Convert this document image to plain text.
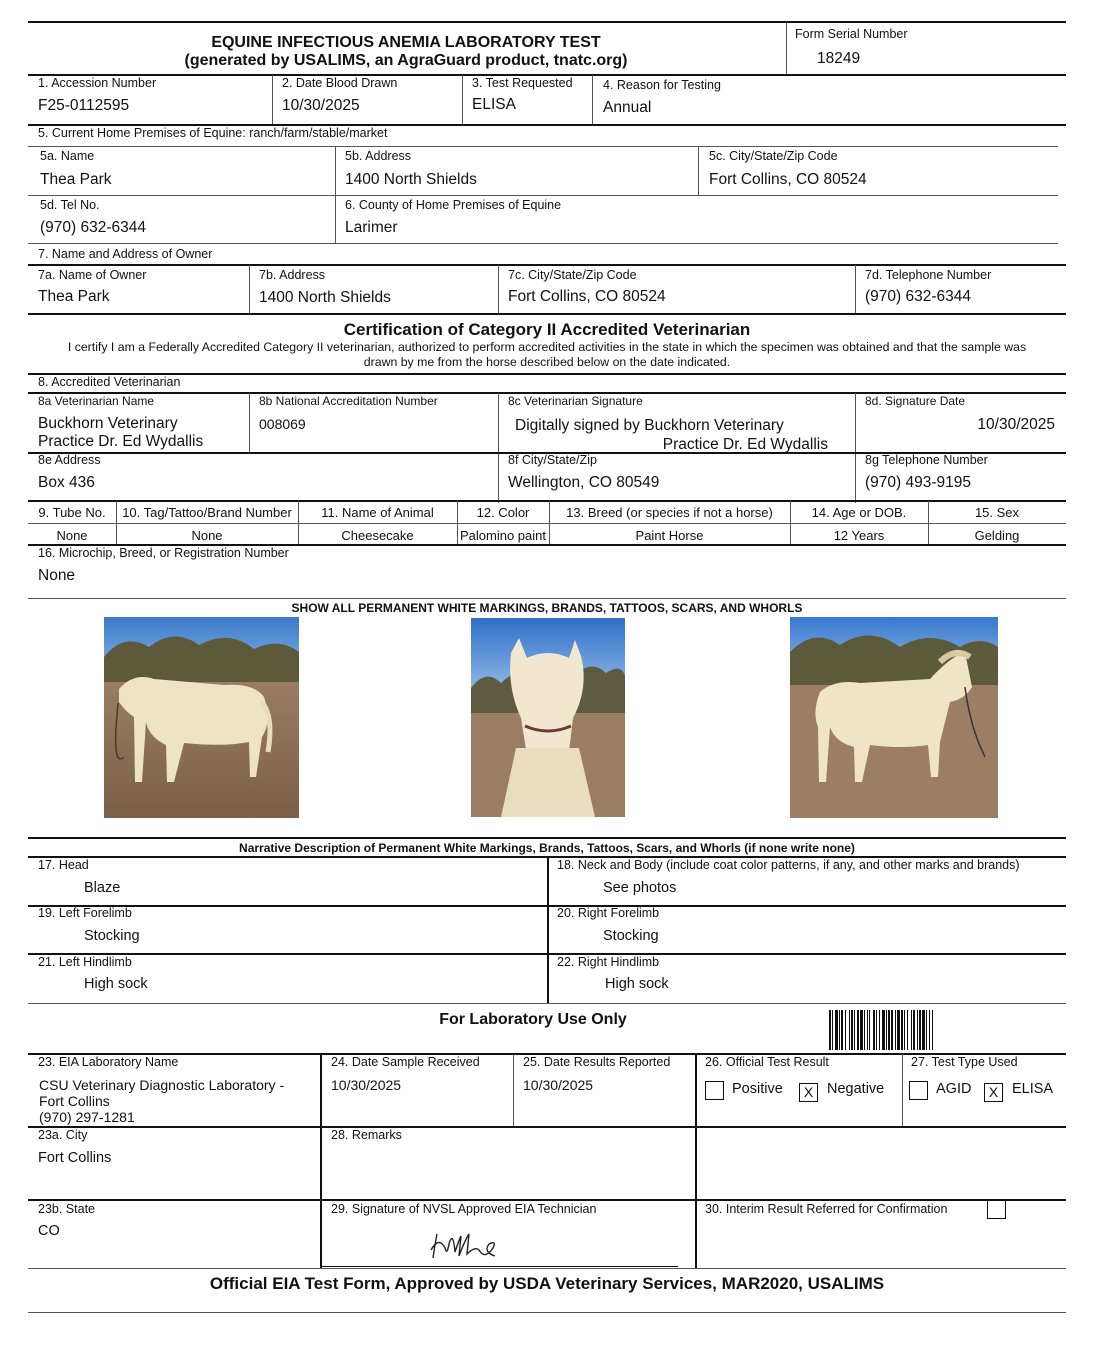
EQUINE INFECTIOUS ANEMIA LABORATORY TEST
(generated by USALIMS, an AgraGuard product, tnatc.org)
Form Serial Number
18249
1. Accession Number
F25-0112595
2. Date Blood Drawn
10/30/2025
3. Test Requested
ELISA
4. Reason for Testing
Annual
5. Current Home Premises of Equine: ranch/farm/stable/market
5a. Name
Thea Park
5b. Address
1400 North Shields
5c. City/State/Zip Code
Fort Collins, CO 80524
5d. Tel No.
(970) 632-6344
6. County of Home Premises of Equine
Larimer
7. Name and Address of Owner
7a. Name of Owner
Thea Park
7b. Address
1400 North Shields
7c. City/State/Zip Code
Fort Collins, CO 80524
7d. Telephone Number
(970) 632-6344
Certification of Category II Accredited Veterinarian
I certify I am a Federally Accredited Category II veterinarian, authorized to perform accredited activities in the state in which the specimen was obtained and that the sample was
drawn by me from the horse described below on the date indicated.
8. Accredited Veterinarian
8a Veterinarian Name
Buckhorn Veterinary
Practice Dr. Ed Wydallis
8b National Accreditation Number
008069
8c Veterinarian Signature
Digitally signed by Buckhorn Veterinary
Practice Dr. Ed Wydallis
8d. Signature Date
10/30/2025
8e Address
Box 436
8f City/State/Zip
Wellington, CO 80549
8g Telephone Number
(970) 493-9195
9. Tube No.	10. Tag/Tattoo/Brand Number	11. Name of Animal	12. Color	13. Breed (or species if not a horse)	14. Age or DOB.	15. Sex
None	None	Cheesecake	Palomino paint	Paint Horse	12 Years	Gelding
16. Microchip, Breed, or Registration Number
None
SHOW ALL PERMANENT WHITE MARKINGS, BRANDS, TATTOOS, SCARS, AND WHORLS
Narrative Description of Permanent White Markings, Brands, Tattoos, Scars, and Whorls (if none write none)
17. Head
Blaze
18. Neck and Body (include coat color patterns, if any, and other marks and brands)
See photos
19. Left Forelimb
Stocking
20. Right Forelimb
Stocking
21. Left Hindlimb
High sock
22. Right Hindlimb
High sock
For Laboratory Use Only
23. EIA Laboratory Name
CSU Veterinary Diagnostic Laboratory -
Fort Collins
(970) 297-1281
24. Date Sample Received
10/30/2025
25. Date Results Reported
10/30/2025
26. Official Test Result
Positive	X Negative
27. Test Type Used
AGID	X ELISA
23a. City
Fort Collins
28. Remarks
23b. State
CO
29. Signature of NVSL Approved EIA Technician	30. Interim Result Referred for Confirmation
Official EIA Test Form, Approved by USDA Veterinary Services, MAR2020, USALIMS
